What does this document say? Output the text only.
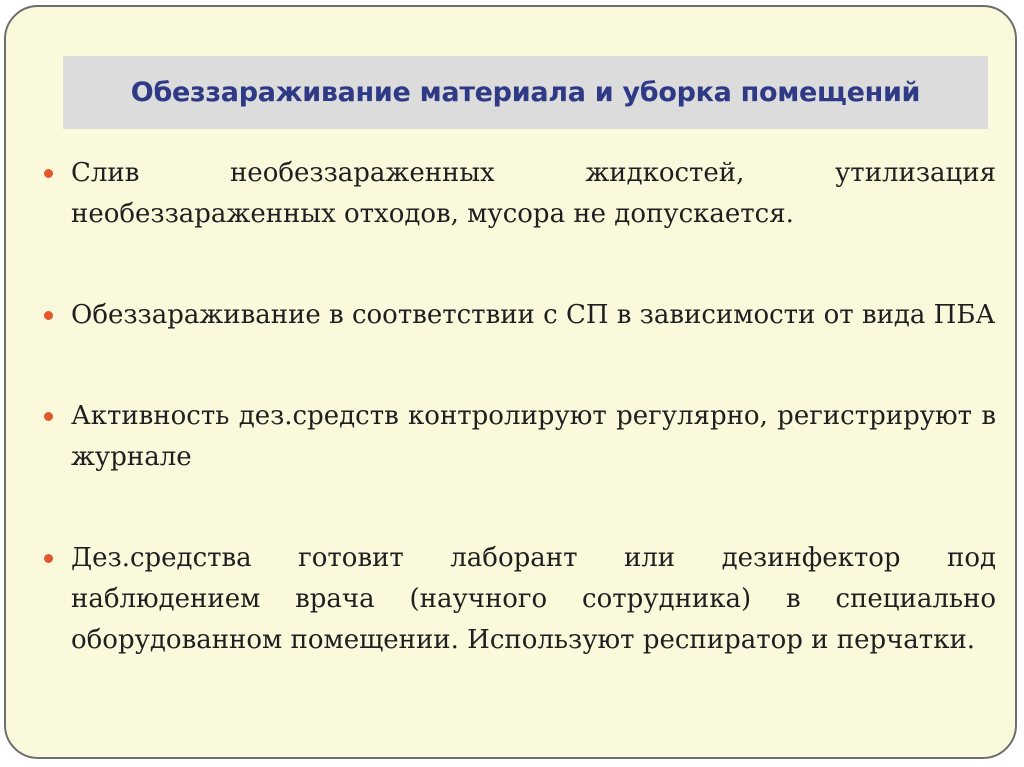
Обеззараживание материала и уборка помещений
Слив необеззараженных жидкостей, утилизация необеззараженных отходов, мусора не допускается.
Обеззараживание в соответствии с СП в зависимости от вида ПБА
Активность дез.средств контролируют регулярно, регистрируют в журнале
Дез.средства готовит лаборант или дезинфектор под наблюдением врача (научного сотрудника) в специально оборудованном помещении. Используют респиратор и перчатки.
